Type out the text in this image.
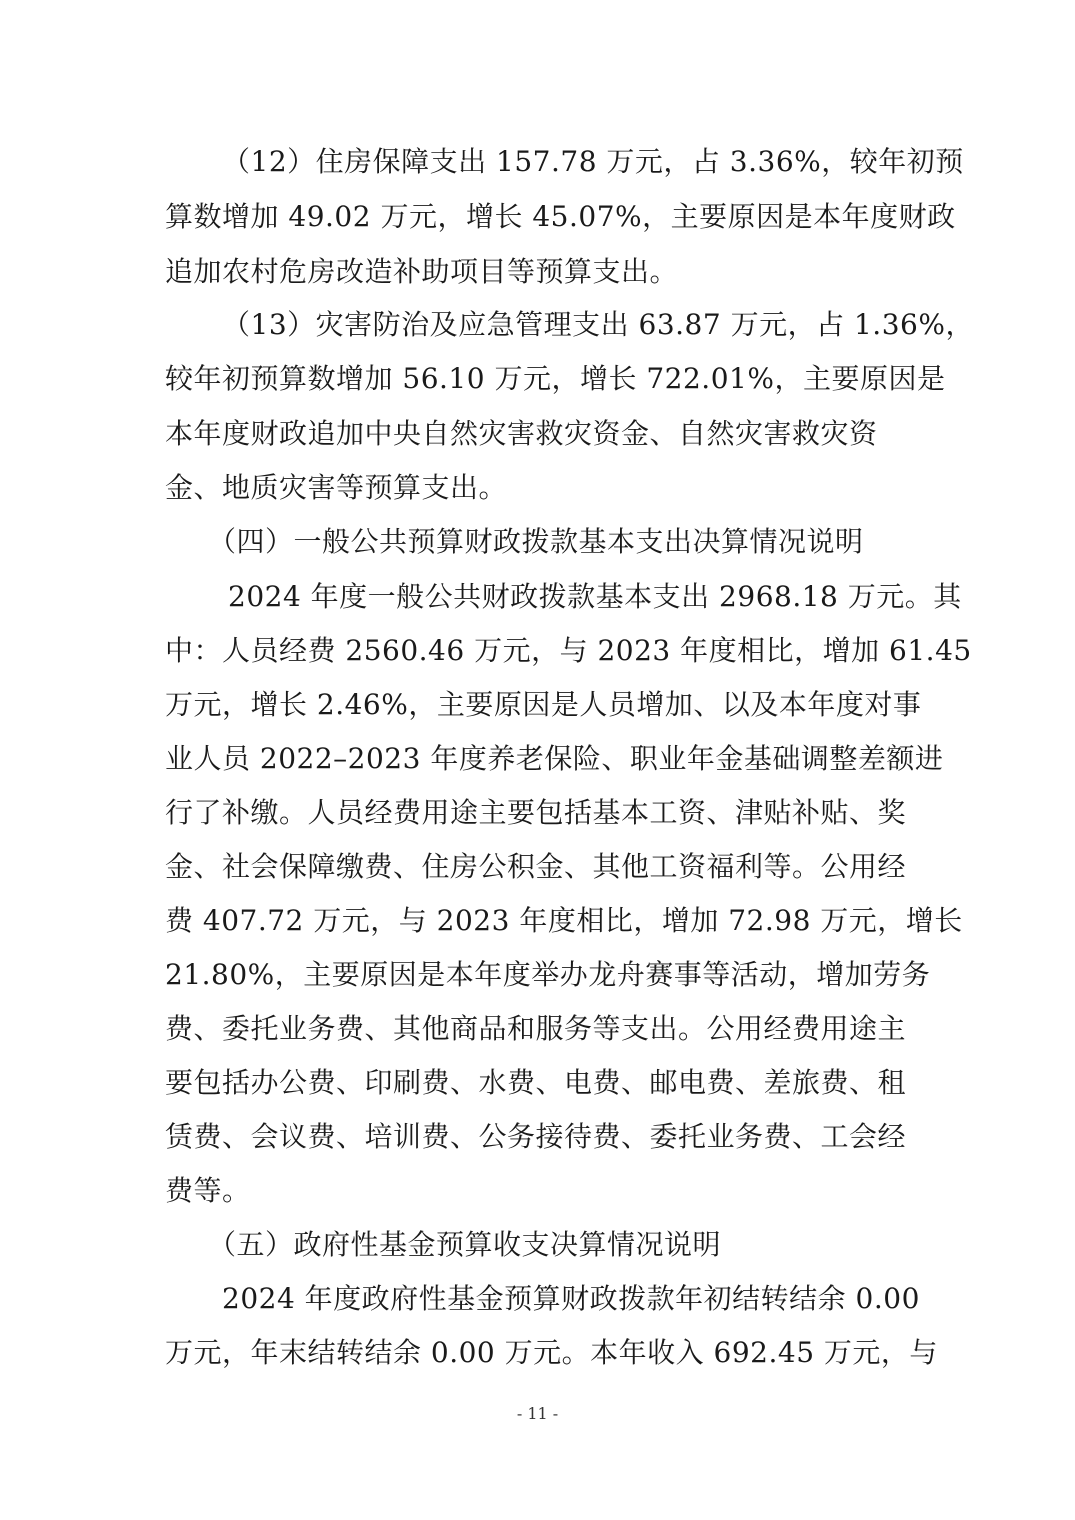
（12）住房保障支出 157.78 万元，占 3.36%，较年初预
算数增加 49.02 万元，增长 45.07%，主要原因是本年度财政
追加农村危房改造补助项目等预算支出。
（13）灾害防治及应急管理支出 63.87 万元，占 1.36%，
较年初预算数增加 56.10 万元，增长 722.01%，主要原因是
本年度财政追加中央自然灾害救灾资金、自然灾害救灾资
金、地质灾害等预算支出。
（四）一般公共预算财政拨款基本支出决算情况说明
2024 年度一般公共财政拨款基本支出 2968.18 万元。其
中：人员经费 2560.46 万元，与 2023 年度相比，增加 61.45
万元，增长 2.46%，主要原因是人员增加、以及本年度对事
业人员 2022–2023 年度养老保险、职业年金基础调整差额进
行了补缴。人员经费用途主要包括基本工资、津贴补贴、奖
金、社会保障缴费、住房公积金、其他工资福利等。公用经
费 407.72 万元，与 2023 年度相比，增加 72.98 万元，增长
21.80%，主要原因是本年度举办龙舟赛事等活动，增加劳务
费、委托业务费、其他商品和服务等支出。公用经费用途主
要包括办公费、印刷费、水费、电费、邮电费、差旅费、租
赁费、会议费、培训费、公务接待费、委托业务费、工会经
费等。
（五）政府性基金预算收支决算情况说明
2024 年度政府性基金预算财政拨款年初结转结余 0.00
万元，年末结转结余 0.00 万元。本年收入 692.45 万元，与
- 11 -
